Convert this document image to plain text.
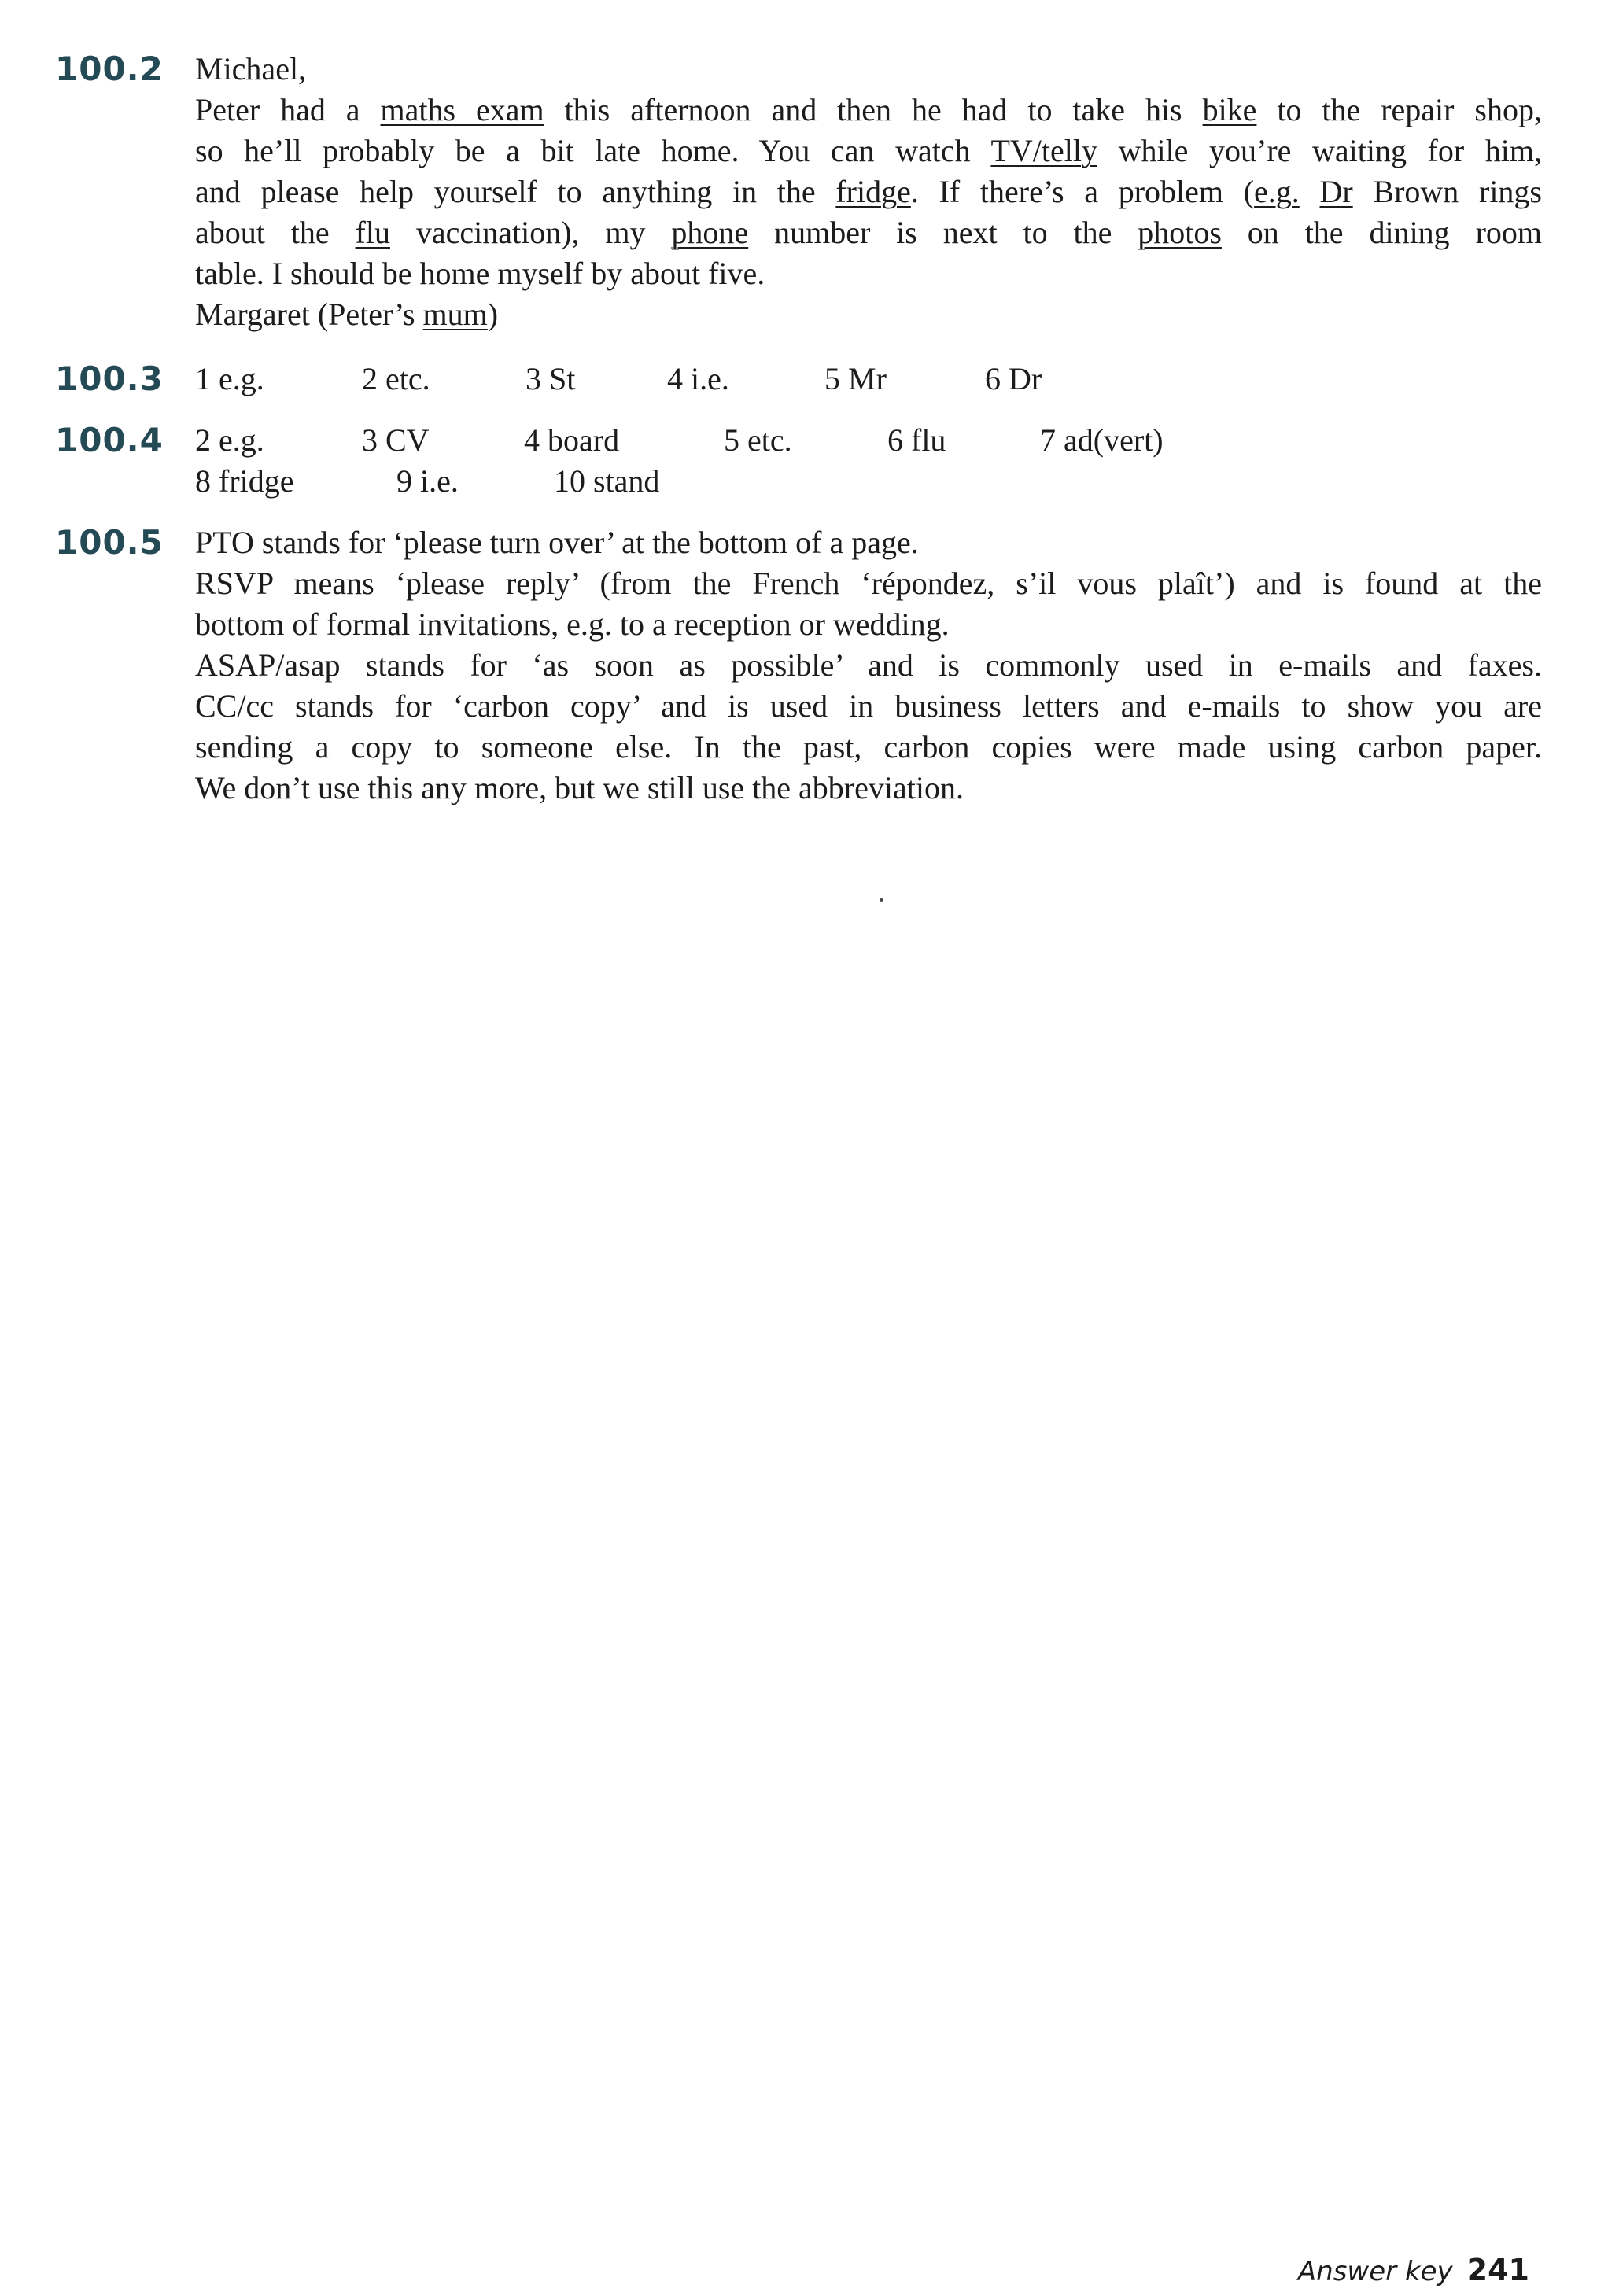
100.2 Michael,
Peter had a maths exam this afternoon and then he had to take his bike to the repair shop,
so he’ll probably be a bit late home. You can watch TV/telly while you’re waiting for him,
and please help yourself to anything in the fridge. If there’s a problem (e.g. Dr Brown rings
about the flu vaccination), my phone number is next to the photos on the dining room
table. I should be home myself by about five.
Margaret (Peter’s mum)
100.3 1 e.g.	2 etc.	3 St	4 i.e.	5 Mr	6 Dr
100.4 2 e.g.	3 CV	4 board	5 etc.	6 flu	7 ad(vert)
8 fridge	9 i.e.	10 stand
100.5 PTO stands for ‘please turn over’ at the bottom of a page.
RSVP means ‘please reply’ (from the French ‘répondez, s’il vous plaît’) and is found at the
bottom of formal invitations, e.g. to a reception or wedding.
ASAP/asap stands for ‘as soon as possible’ and is commonly used in e-mails and faxes.
CC/cc stands for ‘carbon copy’ and is used in business letters and e-mails to show you are
sending a copy to someone else. In the past, carbon copies were made using carbon paper.
We don’t use this any more, but we still use the abbreviation.
Answer key 241
